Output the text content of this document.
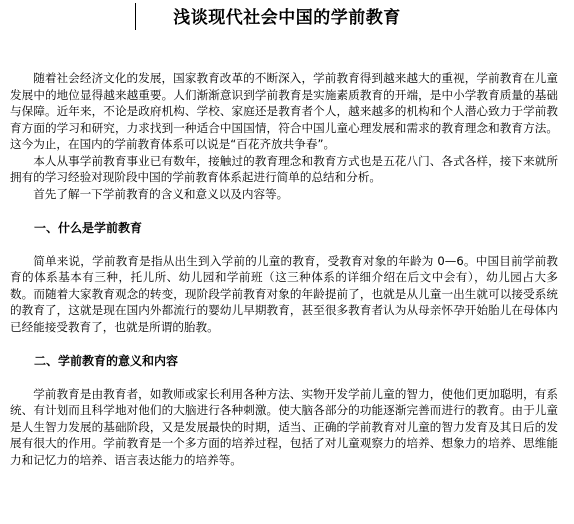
浅谈现代社会中国的学前教育

随着社会经济文化的发展，国家教育改革的不断深入，学前教育得到越来越大的重视，学前教育在儿童发展中的地位显得越来越重要。人们渐渐意识到学前教育是实施素质教育的开端，是中小学教育质量的基础与保障。近年来，不论是政府机构、学校、家庭还是教育者个人，越来越多的机构和个人潜心致力于学前教育方面的学习和研究，力求找到一种适合中国国情，符合中国儿童心理发展和需求的教育理念和教育方法。这今为止，在国内的学前教育体系可以说是“百花齐放共争春”。

本人从事学前教育事业已有数年，接触过的教育理念和教育方式也是五花八门、各式各样，接下来就所拥有的学习经验对现阶段中国的学前教育体系起进行简单的总结和分析。

首先了解一下学前教育的含义和意义以及内容等。

一、什么是学前教育

简单来说，学前教育是指从出生到入学前的儿童的教育，受教育对象的年龄为 0—6。中国目前学前教育的体系基本有三种，托儿所、幼儿园和学前班（这三种体系的详细介绍在后文中会有），幼儿园占大多数。而随着大家教育观念的转变，现阶段学前教育对象的年龄提前了，也就是从儿童一出生就可以接受系统的教育了，这就是现在国内外都流行的婴幼儿早期教育，甚至很多教育者认为从母亲怀孕开始胎儿在母体内已经能接受教育了，也就是所谓的胎教。

二、学前教育的意义和内容

学前教育是由教育者，如教师或家长利用各种方法、实物开发学前儿童的智力，使他们更加聪明，有系统、有计划而且科学地对他们的大脑进行各种刺激。使大脑各部分的功能逐渐完善而进行的教育。由于儿童是人生智力发展的基础阶段，又是发展最快的时期，适当、正确的学前教育对儿童的智力发育及其日后的发展有很大的作用。学前教育是一个多方面的培养过程，包括了对儿童观察力的培养、想象力的培养、思维能力和记忆力的培养、语言表达能力的培养等。
